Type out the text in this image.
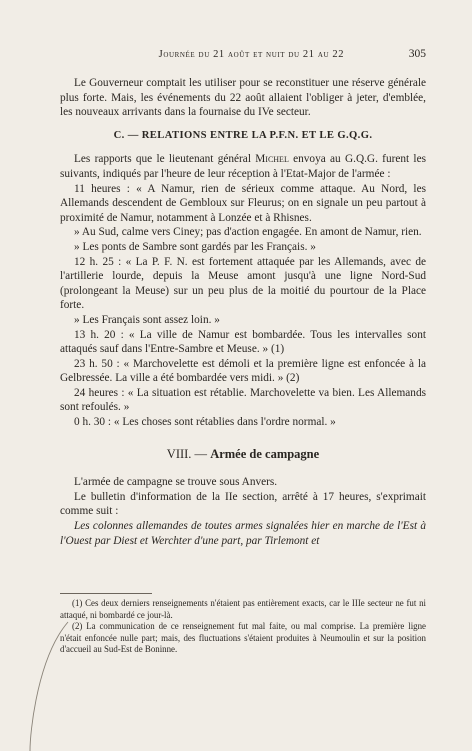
Journée du 21 août et nuit du 21 au 22	305

Le Gouverneur comptait les utiliser pour se reconstituer une réserve générale plus forte. Mais, les événements du 22 août allaient l'obliger à jeter, d'emblée, les nouveaux arrivants dans la fournaise du IVe secteur.

C. — RELATIONS ENTRE LA P.F.N. ET LE G.Q.G.

Les rapports que le lieutenant général Michel envoya au G.Q.G. furent les suivants, indiqués par l'heure de leur réception à l'Etat-Major de l'armée :

11 heures : « A Namur, rien de sérieux comme attaque. Au Nord, les Allemands descendent de Gembloux sur Fleurus; on en signale un peu partout à proximité de Namur, notamment à Lonzée et à Rhisnes.

» Au Sud, calme vers Ciney; pas d'action engagée. En amont de Namur, rien.

» Les ponts de Sambre sont gardés par les Français. »

12 h. 25 : « La P. F. N. est fortement attaquée par les Allemands, avec de l'artillerie lourde, depuis la Meuse amont jusqu'à une ligne Nord-Sud (prolongeant la Meuse) sur un peu plus de la moitié du pourtour de la Place forte.

» Les Français sont assez loin. »

13 h. 20 : « La ville de Namur est bombardée. Tous les intervalles sont attaqués sauf dans l'Entre-Sambre et Meuse. » (1)

23 h. 50 : « Marchovelette est démoli et la première ligne est enfoncée à la Gelbressée. La ville a été bombardée vers midi. » (2)

24 heures : « La situation est rétablie. Marchovelette va bien. Les Allemands sont refoulés. »

0 h. 30 : « Les choses sont rétablies dans l'ordre normal. »

VIII. — Armée de campagne

L'armée de campagne se trouve sous Anvers.

Le bulletin d'information de la IIe section, arrêté à 17 heures, s'exprimait comme suit :

Les colonnes allemandes de toutes armes signalées hier en marche de l'Est à l'Ouest par Diest et Werchter d'une part, par Tirlemont et

(1) Ces deux derniers renseignements n'étaient pas entièrement exacts, car le IIIe secteur ne fut ni attaqué, ni bombardé ce jour-là.

(2) La communication de ce renseignement fut mal faite, ou mal comprise. La première ligne n'était enfoncée nulle part; mais, des fluctuations s'étaient produites à Neumoulin et sur la position d'accueil au Sud-Est de Boninne.
